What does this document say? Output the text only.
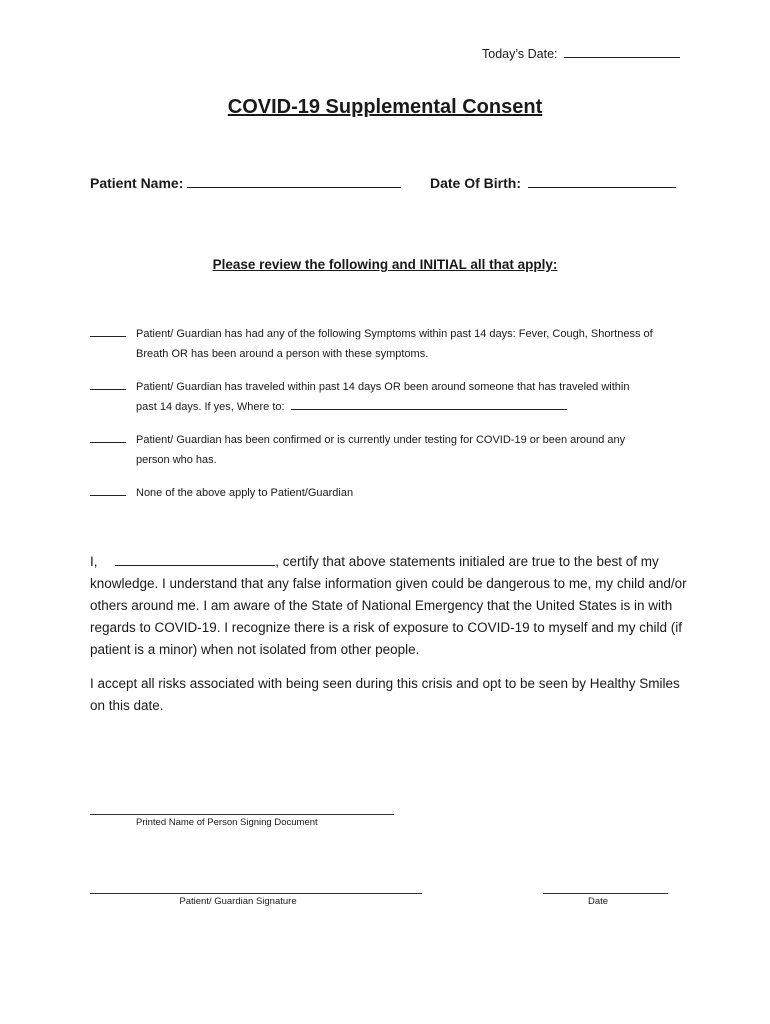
Today’s Date:
COVID-19 Supplemental Consent
Patient Name:	Date Of Birth:
Please review the following and INITIAL all that apply:
Patient/ Guardian has had any of the following Symptoms within past 14 days: Fever, Cough, Shortness of
Breath OR has been around a person with these symptoms.
Patient/ Guardian has traveled within past 14 days OR been around someone that has traveled within
past 14 days. If yes, Where to:
Patient/ Guardian has been confirmed or is currently under testing for COVID-19 or been around any
person who has.
None of the above apply to Patient/Guardian
I,	, certify that above statements initialed are true to the best of my knowledge. I understand that any false information given could be dangerous to me, my child and/or others around me. I am aware of the State of National Emergency that the United States is in with regards to COVID-19. I recognize there is a risk of exposure to COVID-19 to myself and my child (if patient is a minor) when not isolated from other people.
I accept all risks associated with being seen during this crisis and opt to be seen by Healthy Smiles on this date.
Printed Name of Person Signing Document
Patient/ Guardian Signature	Date
